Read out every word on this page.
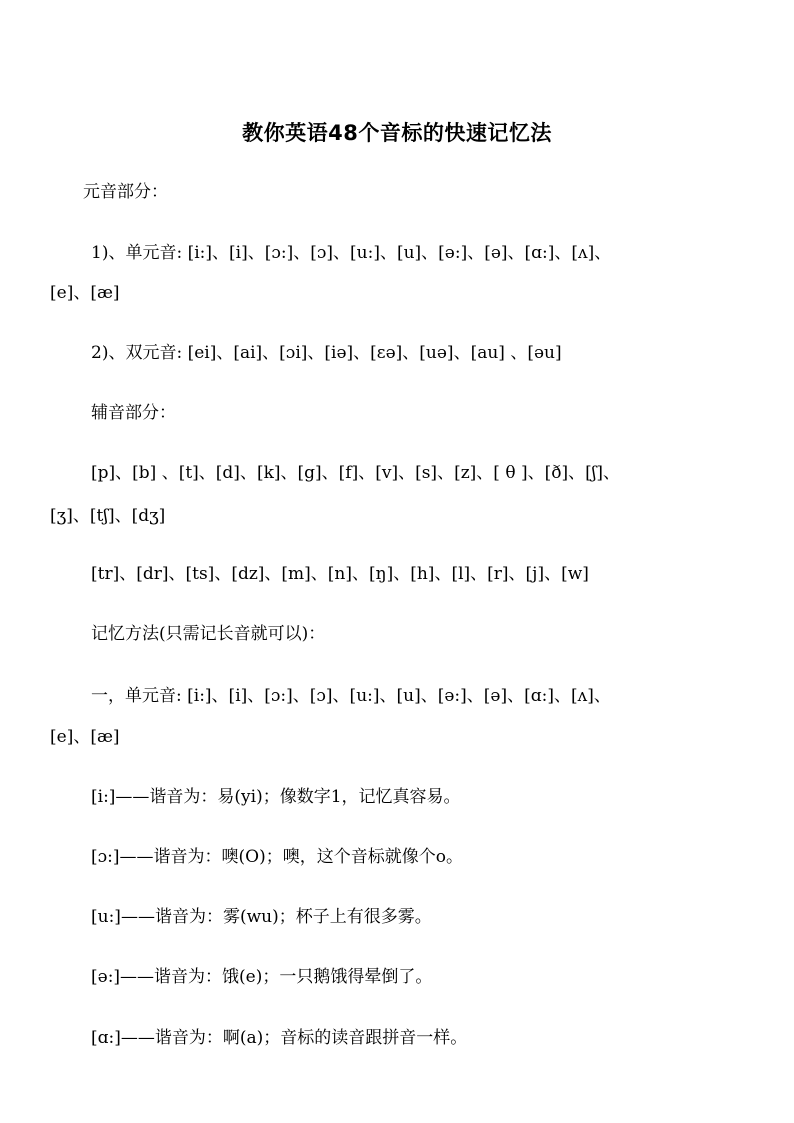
教你英语48个音标的快速记忆法
元音部分：
1)、单元音: [i:]、[i]、[ɔ:]、[ɔ]、[u:]、[u]、[ə:]、[ə]、[ɑ:]、[ʌ]、
[e]、[æ]
2)、双元音: [ei]、[ai]、[ɔi]、[iə]、[ɛə]、[uə]、[au] 、[əu]
辅音部分：
[p]、[b] 、[t]、[d]、[k]、[g]、[f]、[v]、[s]、[z]、[ θ ]、[ð]、[ʃ]、
[ʒ]、[tʃ]、[dʒ]
[tr]、[dr]、[ts]、[dz]、[m]、[n]、[ŋ]、[h]、[l]、[r]、[j]、[w]
记忆方法(只需记长音就可以)：
一，单元音: [i:]、[i]、[ɔ:]、[ɔ]、[u:]、[u]、[ə:]、[ə]、[ɑ:]、[ʌ]、
[e]、[æ]
[i:]——谐音为：易(yi)；像数字1，记忆真容易。
[ɔ:]——谐音为：噢(O)；噢，这个音标就像个o。
[u:]——谐音为：雾(wu)；杯子上有很多雾。
[ə:]——谐音为：饿(e)；一只鹅饿得晕倒了。
[ɑ:]——谐音为：啊(a)；音标的读音跟拼音一样。
